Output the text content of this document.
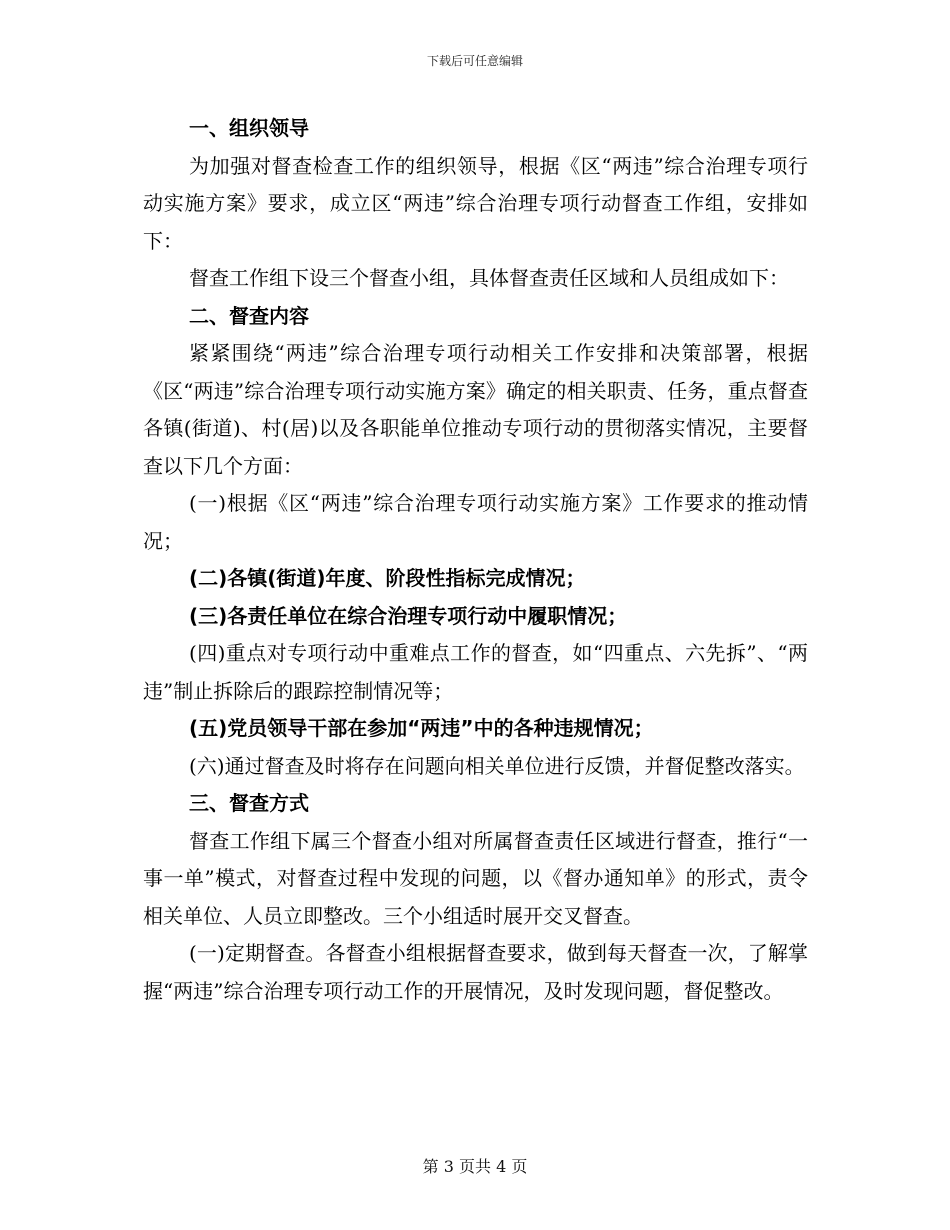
下载后可任意编辑

一、组织领导

为加强对督查检查工作的组织领导，根据《区“两违”综合治理专项行动实施方案》要求，成立区“两违”综合治理专项行动督查工作组，安排如下：

督查工作组下设三个督查小组，具体督查责任区域和人员组成如下：

二、督查内容

紧紧围绕“两违”综合治理专项行动相关工作安排和决策部署，根据《区“两违”综合治理专项行动实施方案》确定的相关职责、任务，重点督查各镇(街道)、村(居)以及各职能单位推动专项行动的贯彻落实情况，主要督查以下几个方面：

(一)根据《区“两违”综合治理专项行动实施方案》工作要求的推动情况；

(二)各镇(街道)年度、阶段性指标完成情况；

(三)各责任单位在综合治理专项行动中履职情况；

(四)重点对专项行动中重难点工作的督查，如“四重点、六先拆”、“两违”制止拆除后的跟踪控制情况等；

(五)党员领导干部在参加“两违”中的各种违规情况；

(六)通过督查及时将存在问题向相关单位进行反馈，并督促整改落实。

三、督查方式

督查工作组下属三个督查小组对所属督查责任区域进行督查，推行“一事一单”模式，对督查过程中发现的问题，以《督办通知单》的形式，责令相关单位、人员立即整改。三个小组适时展开交叉督查。

(一)定期督查。各督查小组根据督查要求，做到每天督查一次，了解掌握“两违”综合治理专项行动工作的开展情况，及时发现问题，督促整改。

第 3 页共 4 页
